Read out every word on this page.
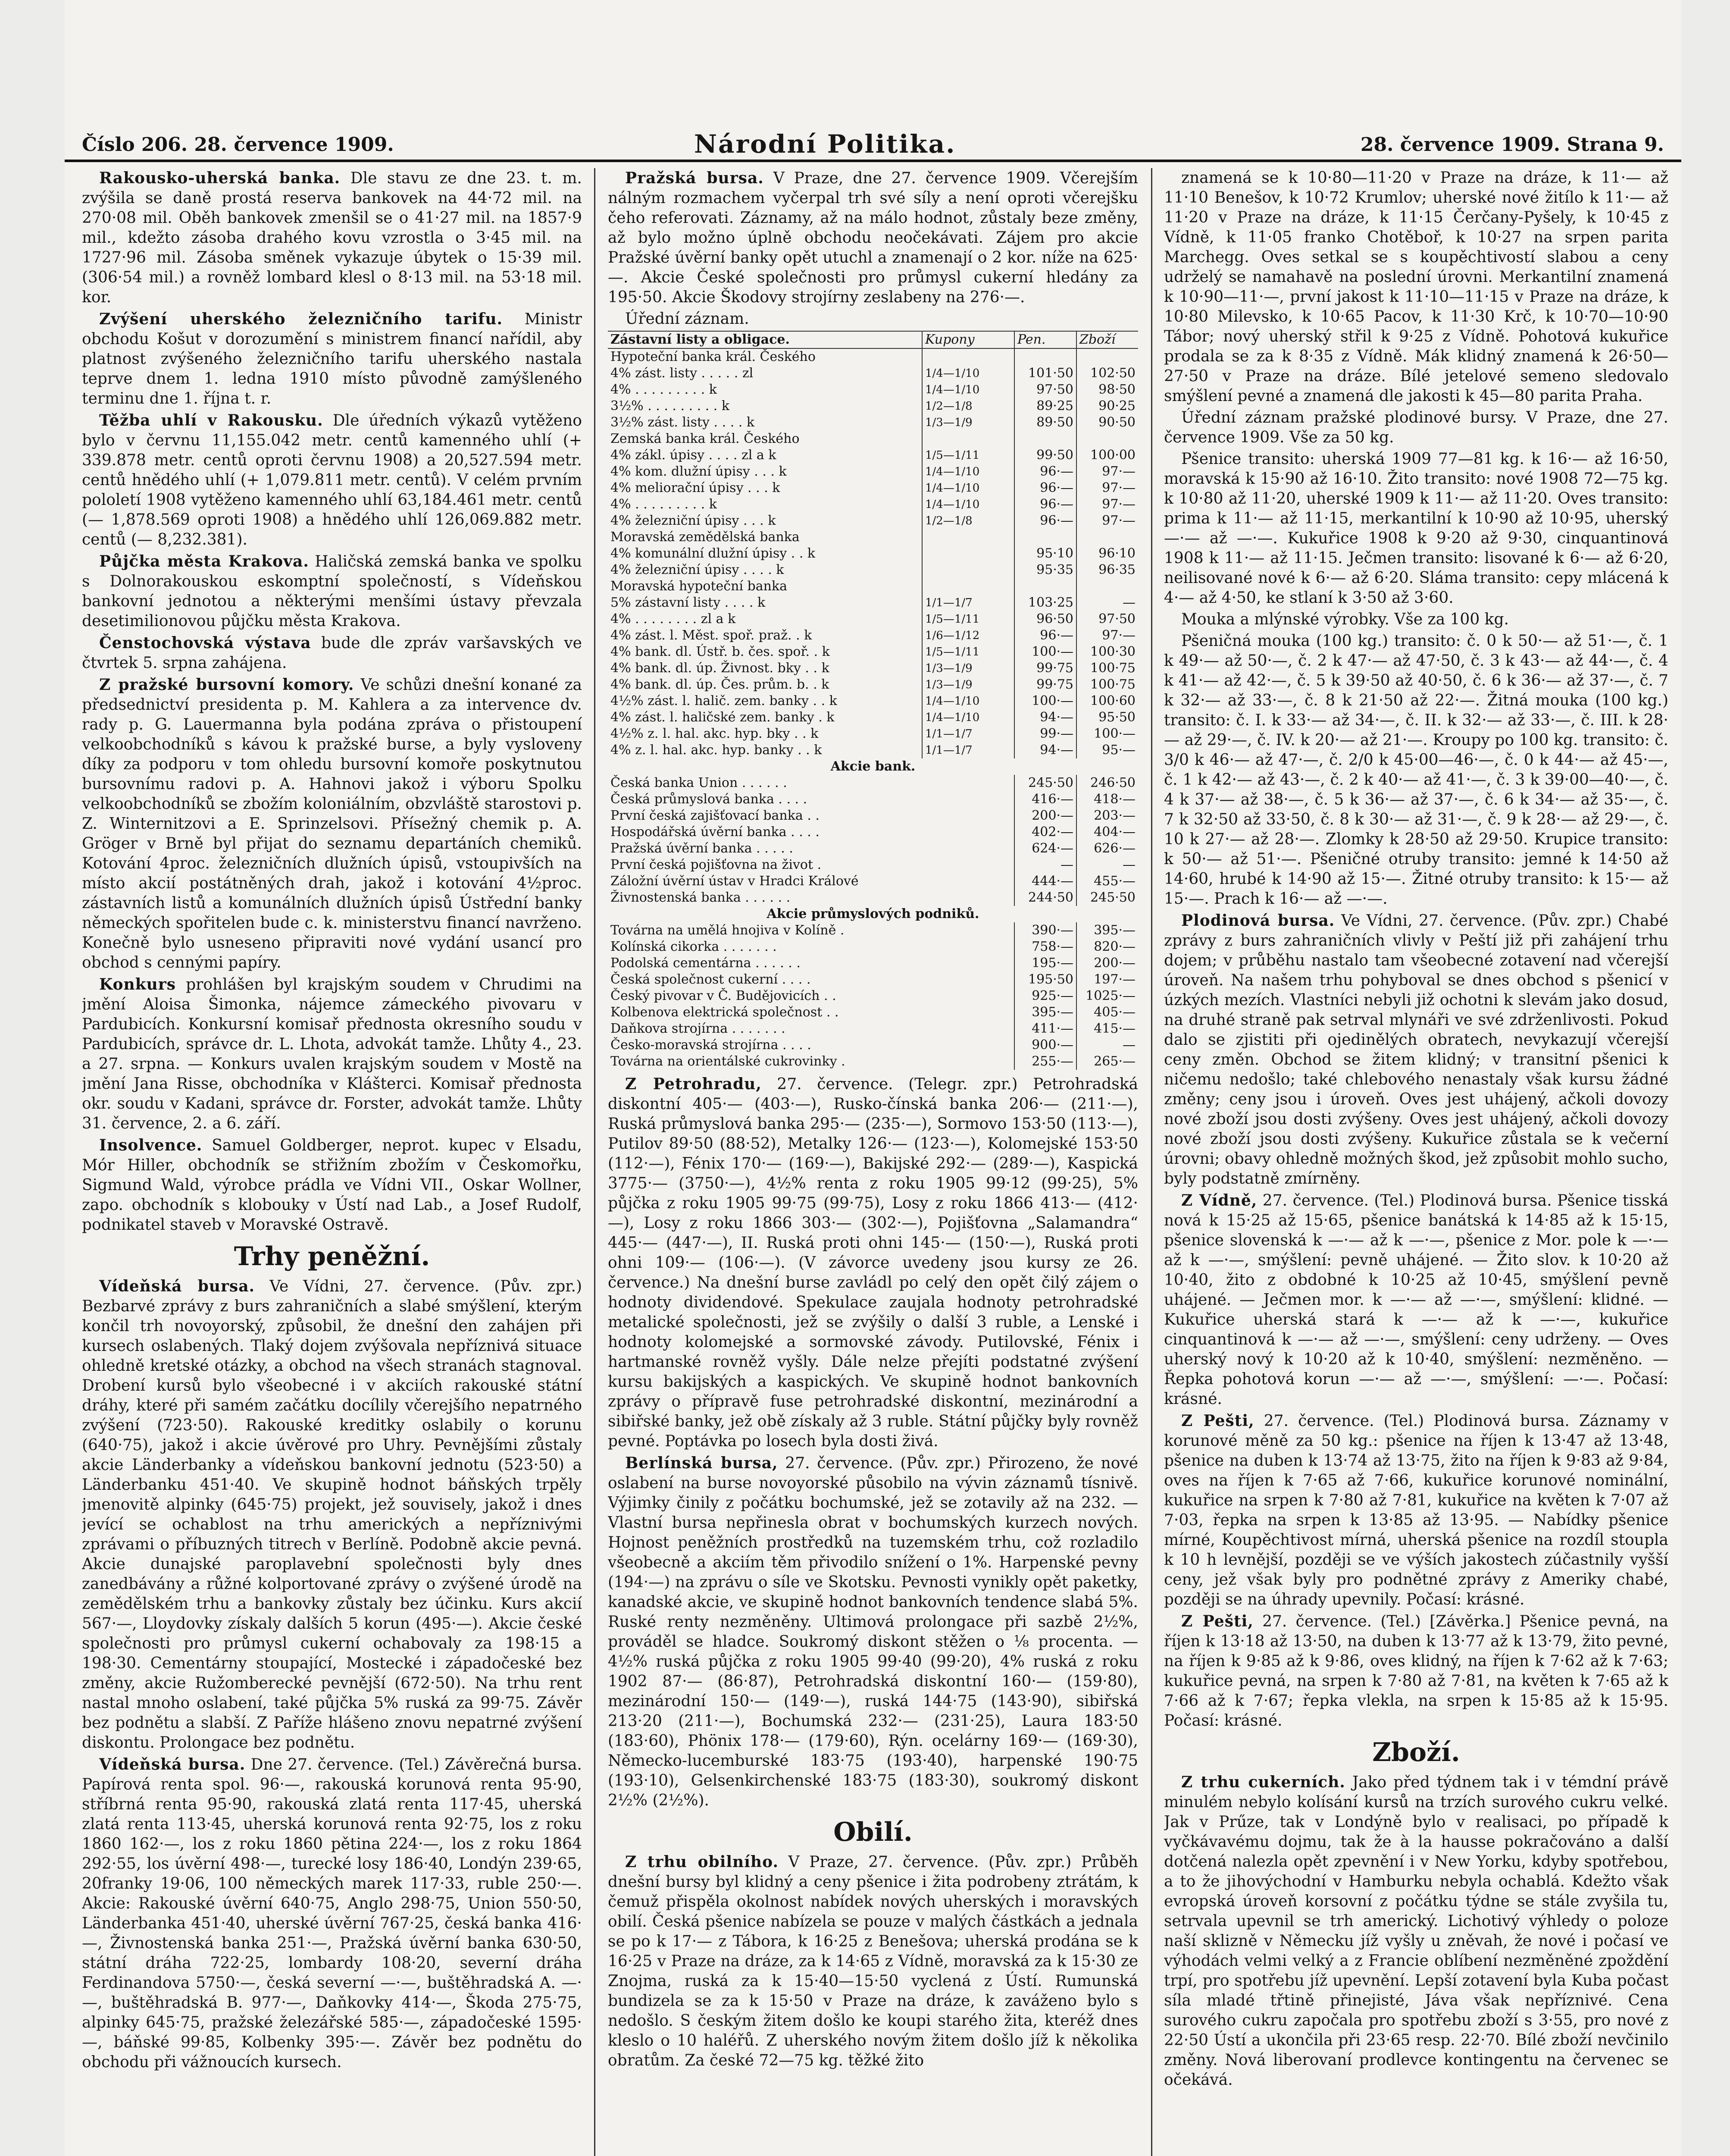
Číslo 206. 28. července 1909.	Národní Politika.	28. července 1909. Strana 9.

Rakousko-uherská banka. Dle stavu ze dne 23. t. m. zvýšila se daně prostá reserva bankovek na 44·72 mil. na 270·08 mil. Oběh bankovek zmenšil se o 41·27 mil. na 1857·9 mil., kdežto zásoba drahého kovu vzrostla o 3·45 mil. na 1727·96 mil. Zásoba směnek vykazuje úbytek o 15·39 mil. (306·54 mil.) a rovněž lombard klesl o 8·13 mil. na 53·18 mil. kor.

Zvýšení uherského železničního tarifu. Ministr obchodu Košut v dorozumění s ministrem financí nařídil, aby platnost zvýšeného železničního tarifu uherského nastala teprve dnem 1. ledna 1910 místo původně zamýšleného terminu dne 1. října t. r.

Těžba uhlí v Rakousku. Dle úředních výkazů vytěženo bylo v červnu 11,155.042 metr. centů kamenného uhlí (+ 339.878 metr. centů oproti červnu 1908) a 20,527.594 metr. centů hnědého uhlí (+ 1,079.811 metr. centů). V celém prvním pololetí 1908 vytěženo kamenného uhlí 63,184.461 metr. centů (— 1,878.569 oproti 1908) a hnědého uhlí 126,069.882 metr. centů (— 8,232.381).

Půjčka města Krakova. Haličská zemská banka ve spolku s Dolnorakouskou eskomptní společností, s Vídeňskou bankovní jednotou a některými menšími ústavy převzala desetimilionovou půjčku města Krakova.

Čenstochovská výstava bude dle zpráv varšavských ve čtvrtek 5. srpna zahájena.

Z pražské bursovní komory. Ve schůzi dnešní konané za předsednictví presidenta p. M. Kahlera a za intervence dv. rady p. G. Lauermanna byla podána zpráva o přistoupení velkoobchodníků s kávou k pražské burse, a byly vysloveny díky za podporu v tom ohledu bursovní komoře poskytnutou bursovnímu radovi p. A. Hahnovi jakož i výboru Spolku velkoobchodníků se zbožím koloniálním, obzvláště starostovi p. Z. Winternitzovi a E. Sprinzelsovi. Přísežný chemik p. A. Gröger v Brně byl přijat do seznamu departáních chemiků. Kotování 4proc. železničních dlužních úpisů, vstoupivších na místo akcií postátněných drah, jakož i kotování 4½proc. zástavních listů a komunálních dlužních úpisů Ústřední banky německých spořitelen bude c. k. ministerstvu financí navrženo. Konečně bylo usneseno připraviti nové vydání usancí pro obchod s cennými papíry.

Konkurs prohlášen byl krajským soudem v Chrudimi na jmění Aloisa Šimonka, nájemce zámeckého pivovaru v Pardubicích. Konkursní komisař přednosta okresního soudu v Pardubicích, správce dr. L. Lhota, advokát tamže. Lhůty 4., 23. a 27. srpna. — Konkurs uvalen krajským soudem v Mostě na jmění Jana Risse, obchodníka v Klášterci. Komisař přednosta okr. soudu v Kadani, správce dr. Forster, advokát tamže. Lhůty 31. července, 2. a 6. září.

Insolvence. Samuel Goldberger, neprot. kupec v Elsadu, Mór Hiller, obchodník se střižním zbožím v Českomořku, Sigmund Wald, výrobce prádla ve Vídni VII., Oskar Wollner, zapo. obchodník s klobouky v Ústí nad Lab., a Josef Rudolf, podnikatel staveb v Moravské Ostravě.

Trhy peněžní.

Vídeňská bursa. Ve Vídni, 27. července. (Pův. zpr.) Bezbarvé zprávy z burs zahraničních a slabé smýšlení, kterým končil trh novoyorský, způsobil, že dnešní den zahájen při kursech oslabených. Tlaký dojem zvýšovala nepříznivá situace ohledně kretské otázky, a obchod na všech stranách stagnoval. Drobení kursů bylo všeobecné i v akciích rakouské státní dráhy, které při samém začátku docílily včerejšího nepatrného zvýšení (723·50). Rakouské kreditky oslabily o korunu (640·75), jakož i akcie úvěrové pro Uhry. Pevnějšími zůstaly akcie Länderbanky a vídeňskou bankovní jednotu (523·50) a Länderbanku 451·40. Ve skupině hodnot báňských trpěly jmenovitě alpinky (645·75) projekt, jež souvisely, jakož i dnes jevící se ochablost na trhu amerických a nepříznivými zprávami o příbuzných titrech v Berlíně. Podobně akcie pevná. Akcie dunajské paroplavební společnosti byly dnes zanedbávány a růžné kolportované zprávy o zvýšené úrodě na zemědělském trhu a bankovky zůstaly bez účinku. Kurs akcií 567·—, Lloydovky získaly dalších 5 korun (495·—). Akcie české společnosti pro průmysl cukerní ochabovaly za 198·15 a 198·30. Cementárny stoupající, Mostecké i západočeské bez změny, akcie Ružomberecké pevnější (672·50). Na trhu rent nastal mnoho oslabení, také půjčka 5% ruská za 99·75. Závěr bez podnětu a slabší. Z Paříže hlášeno znovu nepatrné zvýšení diskontu. Prolongace bez podnětu.

Vídeňská bursa. Dne 27. července. (Tel.) Závěrečná bursa. Papírová renta spol. 96·—, rakouská korunová renta 95·90, stříbrná renta 95·90, rakouská zlatá renta 117·45, uherská zlatá renta 113·45, uherská korunová renta 92·75, los z roku 1860 162·—, los z roku 1860 pětina 224·—, los z roku 1864 292·55, los úvěrní 498·—, turecké losy 186·40, Londýn 239·65, 20franky 19·06, 100 německých marek 117·33, ruble 250·—. Akcie: Rakouské úvěrní 640·75, Anglo 298·75, Union 550·50, Länderbanka 451·40, uherské úvěrní 767·25, česká banka 416·—, Živnostenská banka 251·—, Pražská úvěrní banka 630·50, státní dráha 722·25, lombardy 108·20, severní dráha Ferdinandova 5750·—, česká severní —·—, buštěhradská A. —·—, buštěhradská B. 977·—, Daňkovky 414·—, Škoda 275·75, alpinky 645·75, pražské železářské 585·—, západočeské 1595·—, báňské 99·85, Kolbenky 395·—. Závěr bez podnětu do obchodu při vážnoucích kursech.

Pražská bursa. V Praze, dne 27. července 1909. Včerejším nálným rozmachem vyčerpal trh své síly a není oproti včerejšku čeho referovati. Záznamy, až na málo hodnot, zůstaly beze změny, až bylo možno úplně obchodu neočekávati. Zájem pro akcie Pražské úvěrní banky opět utuchl a znamenají o 2 kor. níže na 625·—. Akcie České společnosti pro průmysl cukerní hledány za 195·50. Akcie Škodovy strojírny zeslabeny na 276·—.

Úřední záznam.

Zástavní listy a obligace.	Kupony	Pen.	Zboží
Hypoteční banka král. Českého			
4% zást. listy . . . . . zl	1/4—1/10	101·50	102·50
4% . . . . . . . . . k	1/4—1/10	97·50	98·50
3½% . . . . . . . . . k	1/2—1/8	89·25	90·25
3½% zást. listy . . . . k	1/3—1/9	89·50	90·50
Zemská banka král. Českého			
4% zákl. úpisy . . . . zl a k	1/5—1/11	99·50	100·00
4% kom. dlužní úpisy . . . k	1/4—1/10	96·—	97·—
4% meliorační úpisy . . . k	1/4—1/10	96·—	97·—
4% . . . . . . . . . k	1/4—1/10	96·—	97·—
4% železniční úpisy . . . k	1/2—1/8	96·—	97·—
Moravská zemědělská banka			
4% komunální dlužní úpisy . . k		95·10	96·10
4% železniční úpisy . . . . k		95·35	96·35
Moravská hypoteční banka			
5% zástavní listy . . . . k	1/1—1/7	103·25	—
4% . . . . . . . . zl a k	1/5—1/11	96·50	97·50
4% zást. l. Měst. spoř. praž. . k	1/6—1/12	96·—	97·—
4% bank. dl. Ústř. b. čes. spoř. . k	1/5—1/11	100·—	100·30
4% bank. dl. úp. Živnost. bky . . k	1/3—1/9	99·75	100·75
4% bank. dl. úp. Čes. prům. b. . k	1/3—1/9	99·75	100·75
4½% zást. l. halič. zem. banky . . k	1/4—1/10	100·—	100·60
4% zást. l. haličské zem. banky . k	1/4—1/10	94·—	95·50
4½% z. l. hal. akc. hyp. bky . . k	1/1—1/7	99·—	100·—
4% z. l. hal. akc. hyp. banky . . k	1/1—1/7	94·—	95·—
Akcie bank.			
Česká banka Union . . . . . .		245·50	246·50
Česká průmyslová banka . . . .		416·—	418·—
První česká zajišťovací banka . .		200·—	203·—
Hospodářská úvěrní banka . . . .		402·—	404·—
Pražská úvěrní banka . . . . .		624·—	626·—
První česká pojišťovna na život .		—	—
Záložní úvěrní ústav v Hradci Králové		444·—	455·—
Živnostenská banka . . . . . .		244·50	245·50
Akcie průmyslových podniků.			
Továrna na umělá hnojiva v Kolíně .		390·—	395·—
Kolínská cikorka . . . . . . .		758·—	820·—
Podolská cementárna . . . . . .		195·—	200·—
Česká společnost cukerní . . . .		195·50	197·—
Český pivovar v Č. Budějovicích . .		925·—	1025·—
Kolbenova elektrická společnost . .		395·—	405·—
Daňkova strojírna . . . . . . .		411·—	415·—
Česko-moravská strojírna . . . .		900·—	—
Továrna na orientálské cukrovinky .		255·—	265·—

Z Petrohradu, 27. července. (Telegr. zpr.) Petrohradská diskontní 405·— (403·—), Rusko-čínská banka 206·— (211·—), Ruská průmyslová banka 295·— (235·—), Sormovo 153·50 (113·—), Putilov 89·50 (88·52), Metalky 126·— (123·—), Kolomejské 153·50 (112·—), Fénix 170·— (169·—), Bakijské 292·— (289·—), Kaspická 3775·— (3750·—), 4½% renta z roku 1905 99·12 (99·25), 5% půjčka z roku 1905 99·75 (99·75), Losy z roku 1866 413·— (412·—), Losy z roku 1866 303·— (302·—), Pojišťovna „Salamandra“ 445·— (447·—), II. Ruská proti ohni 145·— (150·—), Ruská proti ohni 109·— (106·—). (V závorce uvedeny jsou kursy ze 26. července.) Na dnešní burse zavládl po celý den opět čilý zájem o hodnoty dividendové. Spekulace zaujala hodnoty petrohradské metalické společnosti, jež se zvýšily o další 3 ruble, a Lenské i hodnoty kolomejské a sormovské závody. Putilovské, Fénix i hartmanské rovněž vyšly. Dále nelze přejíti podstatné zvýšení kursu bakijských a kaspických. Ve skupině hodnot bankovních zprávy o přípravě fuse petrohradské diskontní, mezinárodní a sibiřské banky, jež obě získaly až 3 ruble. Státní půjčky byly rovněž pevné. Poptávka po losech byla dosti živá.

Berlínská bursa, 27. července. (Pův. zpr.) Přirozeno, že nové oslabení na burse novoyorské působilo na vývin záznamů tísnivě. Výjimky činily z počátku bochumské, jež se zotavily až na 232. — Vlastní bursa nepřinesla obrat v bochumských kurzech nových. Hojnost peněžních prostředků na tuzemském trhu, což rozladilo všeobecně a akciím těm přivodilo snížení o 1%. Harpenské pevny (194·—) na zprávu o síle ve Skotsku. Pevnosti vynikly opět paketky, kanadské akcie, ve skupině hodnot bankovních tendence slabá 5%. Ruské renty nezměněny. Ultimová prolongace při sazbě 2½%, prováděl se hladce. Soukromý diskont stěžen o ⅛ procenta. — 4½% ruská půjčka z roku 1905 99·40 (99·20), 4% ruská z roku 1902 87·— (86·87), Petrohradská diskontní 160·— (159·80), mezinárodní 150·— (149·—), ruská 144·75 (143·90), sibiřská 213·20 (211·—), Bochumská 232·— (231·25), Laura 183·50 (183·60), Phönix 178·— (179·60), Rýn. ocelárny 169·— (169·30), Německo-lucemburské 183·75 (193·40), harpenské 190·75 (193·10), Gelsenkirchenské 183·75 (183·30), soukromý diskont 2½% (2½%).

Obilí.

Z trhu obilního. V Praze, 27. července. (Pův. zpr.) Průběh dnešní bursy byl klidný a ceny pšenice i žita podrobeny ztrátám, k čemuž přispěla okolnost nabídek nových uherských i moravských obilí. Česká pšenice nabízela se pouze v malých částkách a jednala se po k 17·— z Tábora, k 16·25 z Benešova; uherská prodána se k 16·25 v Praze na dráze, za k 14·65 z Vídně, moravská za k 15·30 ze Znojma, ruská za k 15·40—15·50 vyclená z Ústí. Rumunská bundizela se za k 15·50 v Praze na dráze, k zaváženo bylo s nedošlo. S českým žitem došlo ke koupi starého žita, kteréž dnes kleslo o 10 haléřů. Z uherského novým žitem došlo jíž k několika obratům. Za české 72—75 kg. těžké žito

znamená se k 10·80—11·20 v Praze na dráze, k 11·— až 11·10 Benešov, k 10·72 Krumlov; uherské nové žitílo k 11·— až 11·20 v Praze na dráze, k 11·15 Čerčany-Pyšely, k 10·45 z Vídně, k 11·05 franko Chotěboř, k 10·27 na srpen parita Marchegg. Oves setkal se s koupěchtivostí slabou a ceny udrželý se namahavě na poslední úrovni. Merkantilní znamená k 10·90—11·—, první jakost k 11·10—11·15 v Praze na dráze, k 10·80 Milevsko, k 10·65 Pacov, k 11·30 Krč, k 10·70—10·90 Tábor; nový uherský střil k 9·25 z Vídně. Pohotová kukuřice prodala se za k 8·35 z Vídně. Mák klidný znamená k 26·50—27·50 v Praze na dráze. Bílé jetelové semeno sledovalo smýšlení pevné a znamená dle jakosti k 45—80 parita Praha.

Úřední záznam pražské plodinové bursy. V Praze, dne 27. července 1909. Vše za 50 kg.

Pšenice transito: uherská 1909 77—81 kg. k 16·— až 16·50, moravská k 15·90 až 16·10. Žito transito: nové 1908 72—75 kg. k 10·80 až 11·20, uherské 1909 k 11·— až 11·20. Oves transito: prima k 11·— až 11·15, merkantilní k 10·90 až 10·95, uherský —·— až —·—. Kukuřice 1908 k 9·20 až 9·30, cinquantinová 1908 k 11·— až 11·15. Ječmen transito: lisované k 6·— až 6·20, neilisované nové k 6·— až 6·20. Sláma transito: cepy mlácená k 4·— až 4·50, ke stlaní k 3·50 až 3·60.

Mouka a mlýnské výrobky. Vše za 100 kg.

Pšeničná mouka (100 kg.) transito: č. 0 k 50·— až 51·—, č. 1 k 49·— až 50·—, č. 2 k 47·— až 47·50, č. 3 k 43·— až 44·—, č. 4 k 41·— až 42·—, č. 5 k 39·50 až 40·50, č. 6 k 36·— až 37·—, č. 7 k 32·— až 33·—, č. 8 k 21·50 až 22·—. Žitná mouka (100 kg.) transito: č. I. k 33·— až 34·—, č. II. k 32·— až 33·—, č. III. k 28·— až 29·—, č. IV. k 20·— až 21·—. Kroupy po 100 kg. transito: č. 3/0 k 46·— až 47·—, č. 2/0 k 45·00—46·—, č. 0 k 44·— až 45·—, č. 1 k 42·— až 43·—, č. 2 k 40·— až 41·—, č. 3 k 39·00—40·—, č. 4 k 37·— až 38·—, č. 5 k 36·— až 37·—, č. 6 k 34·— až 35·—, č. 7 k 32·50 až 33·50, č. 8 k 30·— až 31·—, č. 9 k 28·— až 29·—, č. 10 k 27·— až 28·—. Zlomky k 28·50 až 29·50. Krupice transito: k 50·— až 51·—. Pšeničné otruby transito: jemné k 14·50 až 14·60, hrubé k 14·90 až 15·—. Žitné otruby transito: k 15·— až 15·—. Prach k 16·— až —·—.

Plodinová bursa. Ve Vídni, 27. července. (Pův. zpr.) Chabé zprávy z burs zahraničních vlivly v Peští již při zahájení trhu dojem; v průběhu nastalo tam všeobecné zotavení nad včerejší úroveň. Na našem trhu pohyboval se dnes obchod s pšenicí v úzkých mezích. Vlastníci nebyli již ochotni k slevám jako dosud, na druhé straně pak setrval mlynáři ve své zdrženlivosti. Pokud dalo se zjistiti při ojedinělých obratech, nevykazují včerejší ceny změn. Obchod se žitem klidný; v transitní pšenici k ničemu nedošlo; také chlebového nenastaly však kursu žádné změny; ceny jsou i úroveň. Oves jest uhájený, ačkoli dovozy nové zboží jsou dosti zvýšeny. Oves jest uhájený, ačkoli dovozy nové zboží jsou dosti zvýšeny. Kukuřice zůstala se k večerní úrovni; obavy ohledně možných škod, jež způsobit mohlo sucho, byly podstatně zmírněny.

Z Vídně, 27. července. (Tel.) Plodinová bursa. Pšenice tisská nová k 15·25 až 15·65, pšenice banátská k 14·85 až k 15·15, pšenice slovenská k —·— až k —·—, pšenice z Mor. pole k —·— až k —·—, smýšlení: pevně uhájené. — Žito slov. k 10·20 až 10·40, žito z obdobné k 10·25 až 10·45, smýšlení pevně uhájené. — Ječmen mor. k —·— až —·—, smýšlení: klidné. — Kukuřice uherská stará k —·— až k —·—, kukuřice cinquantinová k —·— až —·—, smýšlení: ceny udrženy. — Oves uherský nový k 10·20 až k 10·40, smýšlení: nezměněno. — Řepka pohotová korun —·— až —·—, smýšlení: —·—. Počasí: krásné.

Z Pešti, 27. července. (Tel.) Plodinová bursa. Záznamy v korunové měně za 50 kg.: pšenice na říjen k 13·47 až 13·48, pšenice na duben k 13·74 až 13·75, žito na říjen k 9·83 až 9·84, oves na říjen k 7·65 až 7·66, kukuřice korunové nominální, kukuřice na srpen k 7·80 až 7·81, kukuřice na květen k 7·07 až 7·03, řepka na srpen k 13·85 až 13·95. — Nabídky pšenice mírné, Koupěchtivost mírná, uherská pšenice na rozdíl stoupla k 10 h levnější, později se ve výších jakostech zúčastnily vyšší ceny, jež však byly pro podnětné zprávy z Ameriky chabé, později se na úhrady upevnily. Počasí: krásné.

Z Pešti, 27. července. (Tel.) [Závěrka.] Pšenice pevná, na říjen k 13·18 až 13·50, na duben k 13·77 až k 13·79, žito pevné, na říjen k 9·85 až k 9·86, oves klidný, na říjen k 7·62 až k 7·63; kukuřice pevná, na srpen k 7·80 až 7·81, na květen k 7·65 až k 7·66 až k 7·67; řepka vlekla, na srpen k 15·85 až k 15·95. Počasí: krásné.

Zboží.

Z trhu cukerních. Jako před týdnem tak i v témdní právě minulém nebylo kolísání kursů na trzích surového cukru velké. Jak v Prűze, tak v Londýně bylo v realisaci, po případě k vyčkávavému dojmu, tak že à la hausse pokračováno a další dotčená nalezla opět zpevnění i v New Yorku, kdyby spotřebou, a to že jihovýchodní v Hamburku nebyla ochablá. Kdežto však evropská úroveň korsovní z počátku týdne se stále zvyšila tu, setrvala upevnil se trh americký. Lichotivý výhledy o poloze naší sklizně v Německu jíž vyšly u zněvah, že nové i počasí ve výhodách velmi velký a z Francie oblíbení nezměněné zpoždění trpí, pro spotřebu jíž upevnění. Lepší zotavení byla Kuba počast síla mladé třtině přinejisté, Jáva však nepříznivé. Cena surového cukru započala pro spotřebu zboží s 3·55, pro nové z 22·50 Ústí a ukončila při 23·65 resp. 22·70. Bílé zboží nevčinilo změny. Nová liberovaní prodlevce kontingentu na červenec se očekává.
